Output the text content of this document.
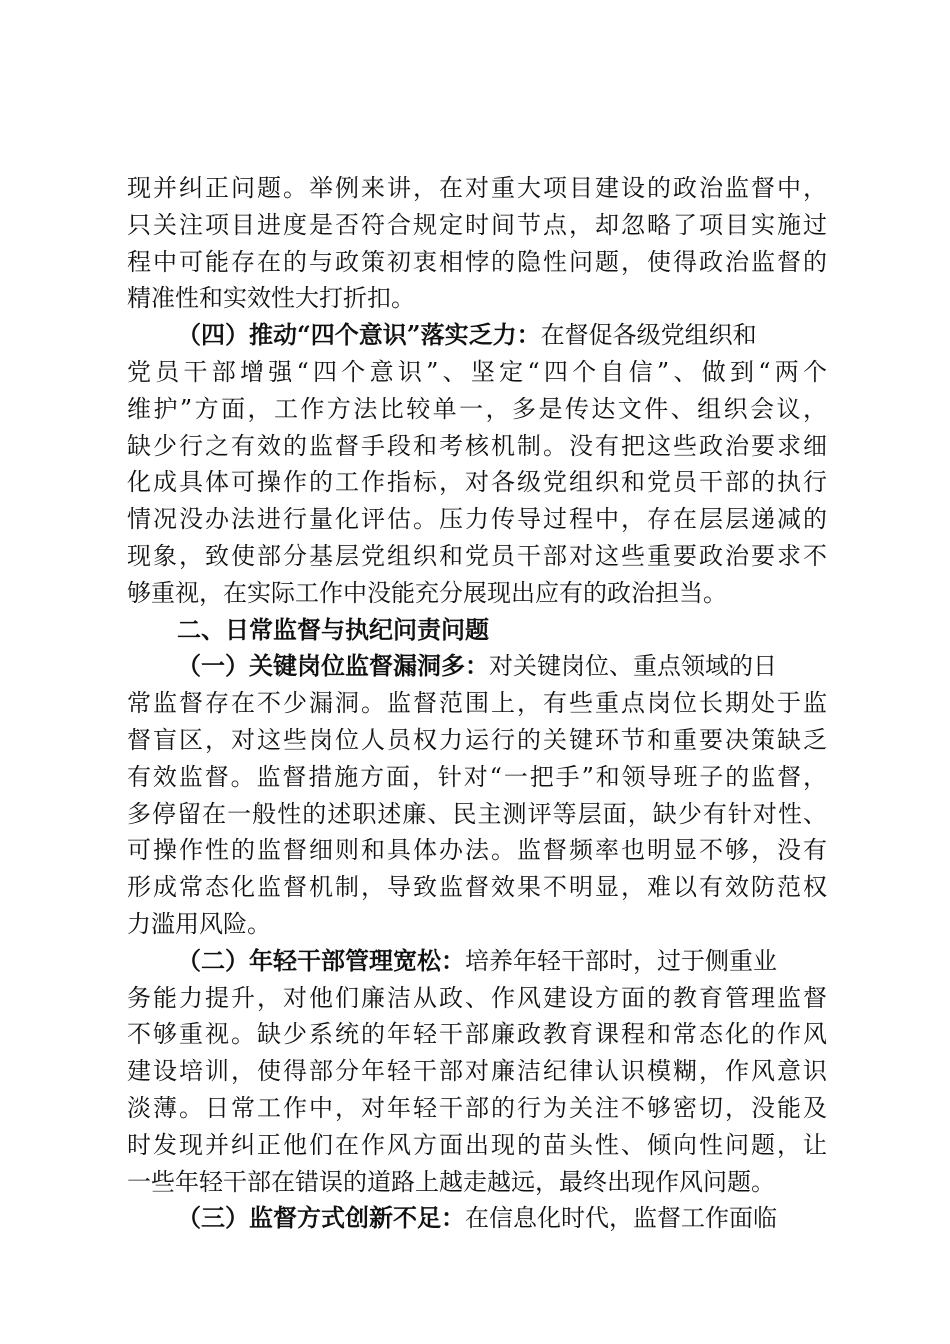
现并纠正问题。举例来讲，在对重大项目建设的政治监督中，
只关注项目进度是否符合规定时间节点，却忽略了项目实施过
程中可能存在的与政策初衷相悖的隐性问题，使得政治监督的
精准性和实效性大打折扣。
（四）推动“四个意识”落实乏力：在督促各级党组织和
党员干部增强“四个意识”、坚定“四个自信”、做到“两个
维护”方面，工作方法比较单一，多是传达文件、组织会议，
缺少行之有效的监督手段和考核机制。没有把这些政治要求细
化成具体可操作的工作指标，对各级党组织和党员干部的执行
情况没办法进行量化评估。压力传导过程中，存在层层递减的
现象，致使部分基层党组织和党员干部对这些重要政治要求不
够重视，在实际工作中没能充分展现出应有的政治担当。
二、日常监督与执纪问责问题
（一）关键岗位监督漏洞多：对关键岗位、重点领域的日
常监督存在不少漏洞。监督范围上，有些重点岗位长期处于监
督盲区，对这些岗位人员权力运行的关键环节和重要决策缺乏
有效监督。监督措施方面，针对“一把手”和领导班子的监督，
多停留在一般性的述职述廉、民主测评等层面，缺少有针对性、
可操作性的监督细则和具体办法。监督频率也明显不够，没有
形成常态化监督机制，导致监督效果不明显，难以有效防范权
力滥用风险。
（二）年轻干部管理宽松：培养年轻干部时，过于侧重业
务能力提升，对他们廉洁从政、作风建设方面的教育管理监督
不够重视。缺少系统的年轻干部廉政教育课程和常态化的作风
建设培训，使得部分年轻干部对廉洁纪律认识模糊，作风意识
淡薄。日常工作中，对年轻干部的行为关注不够密切，没能及
时发现并纠正他们在作风方面出现的苗头性、倾向性问题，让
一些年轻干部在错误的道路上越走越远，最终出现作风问题。
（三）监督方式创新不足：在信息化时代，监督工作面临
